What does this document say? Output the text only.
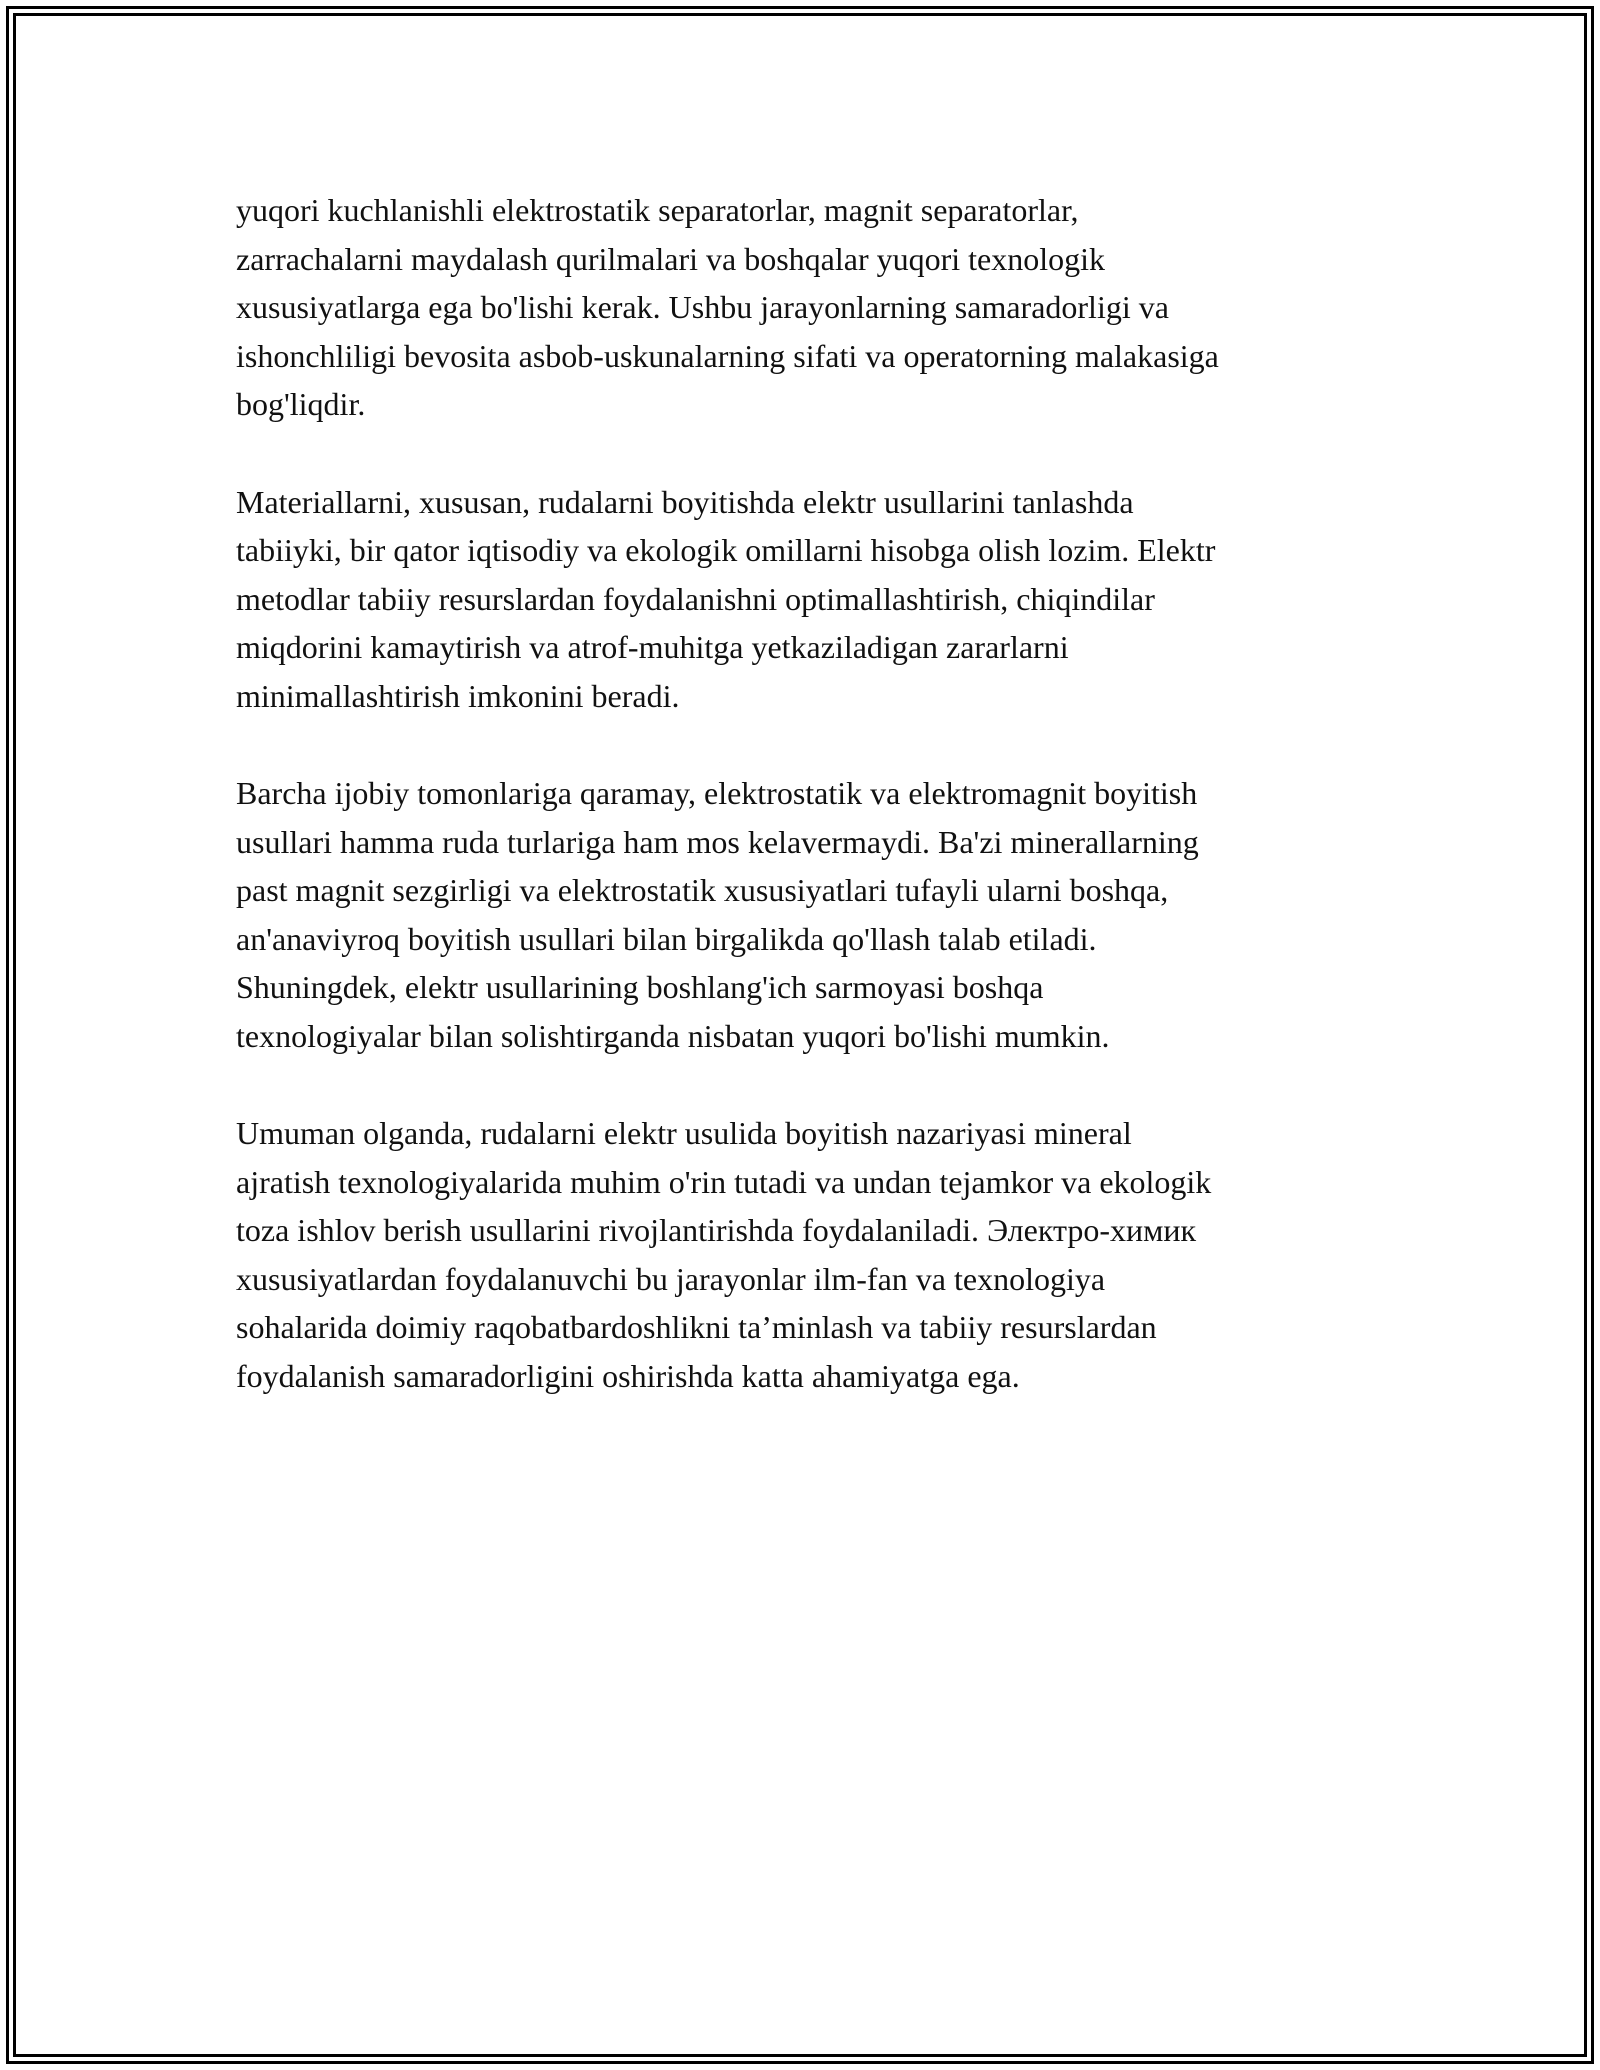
yuqori kuchlanishli elektrostatik separatorlar, magnit separatorlar,
zarrachalarni maydalash qurilmalari va boshqalar yuqori texnologik
xususiyatlarga ega bo'lishi kerak. Ushbu jarayonlarning samaradorligi va
ishonchliligi bevosita asbob-uskunalarning sifati va operatorning malakasiga
bog'liqdir.

Materiallarni, xususan, rudalarni boyitishda elektr usullarini tanlashda
tabiiyki, bir qator iqtisodiy va ekologik omillarni hisobga olish lozim. Elektr
metodlar tabiiy resurslardan foydalanishni optimallashtirish, chiqindilar
miqdorini kamaytirish va atrof-muhitga yetkaziladigan zararlarni
minimallashtirish imkonini beradi.

Barcha ijobiy tomonlariga qaramay, elektrostatik va elektromagnit boyitish
usullari hamma ruda turlariga ham mos kelavermaydi. Ba'zi minerallarning
past magnit sezgirligi va elektrostatik xususiyatlari tufayli ularni boshqa,
an'anaviyroq boyitish usullari bilan birgalikda qo'llash talab etiladi.
Shuningdek, elektr usullarining boshlang'ich sarmoyasi boshqa
texnologiyalar bilan solishtirganda nisbatan yuqori bo'lishi mumkin.

Umuman olganda, rudalarni elektr usulida boyitish nazariyasi mineral
ajratish texnologiyalarida muhim o'rin tutadi va undan tejamkor va ekologik
toza ishlov berish usullarini rivojlantirishda foydalaniladi. Электро-химик
xususiyatlardan foydalanuvchi bu jarayonlar ilm-fan va texnologiya
sohalarida doimiy raqobatbardoshlikni ta’minlash va tabiiy resurslardan
foydalanish samaradorligini oshirishda katta ahamiyatga ega.
